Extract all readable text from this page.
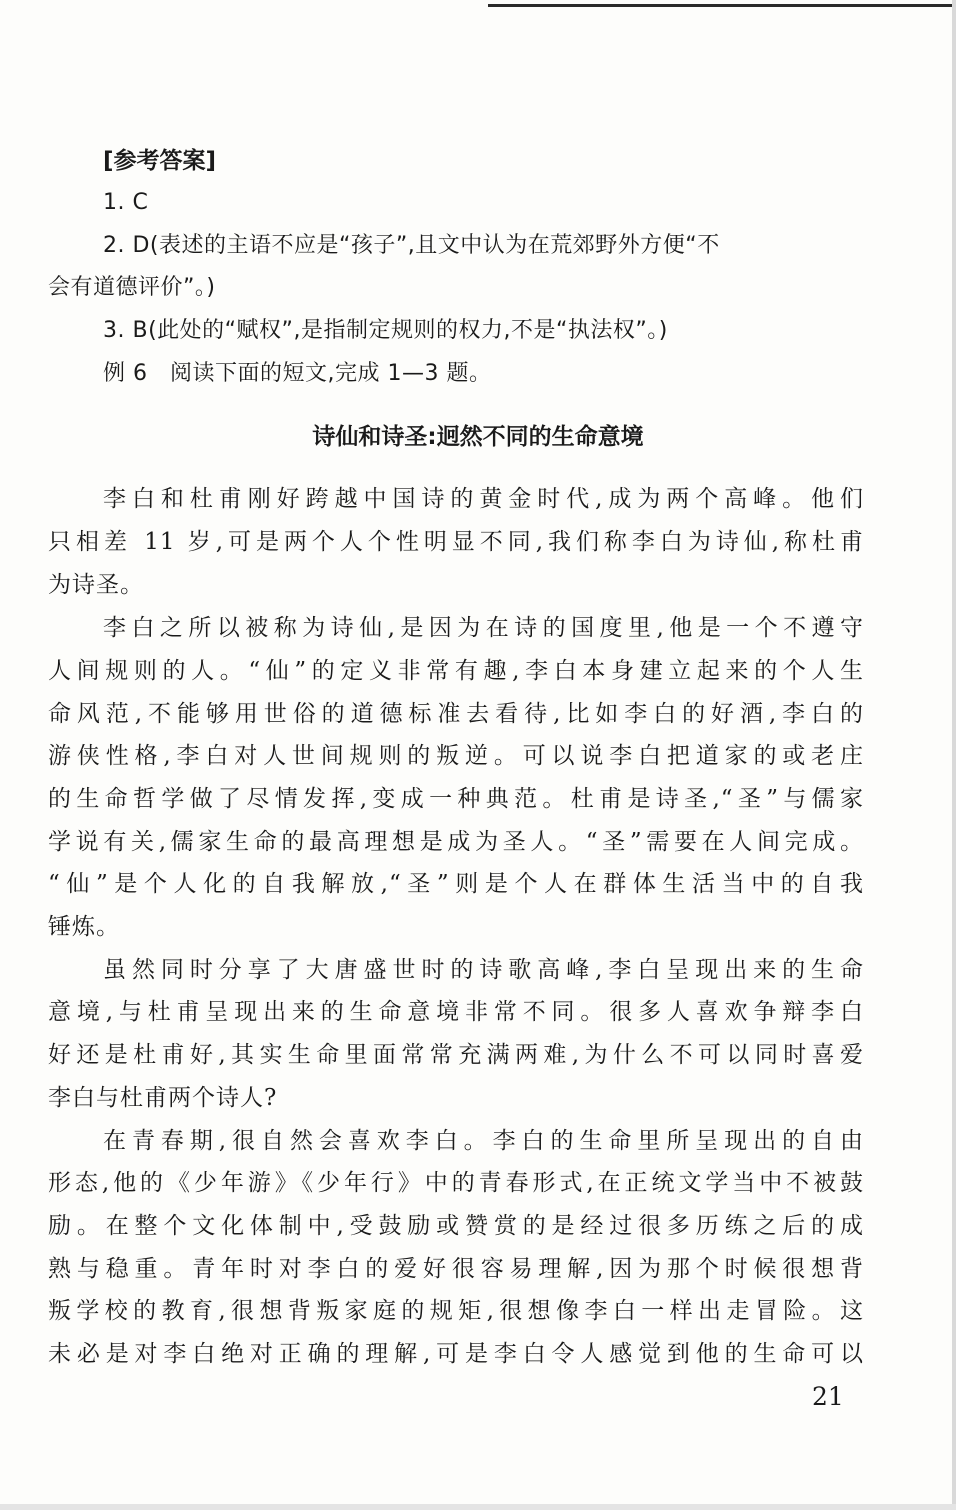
[参考答案]
1. C
2. D(表述的主语不应是“孩子”,且文中认为在荒郊野外方便“不
会有道德评价”。)
3. B(此处的“赋权”,是指制定规则的权力,不是“执法权”。)
例 6　阅读下面的短文,完成 1—3 题。
诗仙和诗圣:迥然不同的生命意境
李白和杜甫刚好跨越中国诗的黄金时代,成为两个高峰。他们
只相差 11 岁,可是两个人个性明显不同,我们称李白为诗仙,称杜甫
为诗圣。
李白之所以被称为诗仙,是因为在诗的国度里,他是一个不遵守
人间规则的人。“仙”的定义非常有趣,李白本身建立起来的个人生
命风范,不能够用世俗的道德标准去看待,比如李白的好酒,李白的
游侠性格,李白对人世间规则的叛逆。可以说李白把道家的或老庄
的生命哲学做了尽情发挥,变成一种典范。杜甫是诗圣,“圣”与儒家
学说有关,儒家生命的最高理想是成为圣人。“圣”需要在人间完成。
“仙”是个人化的自我解放,“圣”则是个人在群体生活当中的自我
锤炼。
虽然同时分享了大唐盛世时的诗歌高峰,李白呈现出来的生命
意境,与杜甫呈现出来的生命意境非常不同。很多人喜欢争辩李白
好还是杜甫好,其实生命里面常常充满两难,为什么不可以同时喜爱
李白与杜甫两个诗人?
在青春期,很自然会喜欢李白。李白的生命里所呈现出的自由
形态,他的《少年游》《少年行》中的青春形式,在正统文学当中不被鼓
励。在整个文化体制中,受鼓励或赞赏的是经过很多历练之后的成
熟与稳重。青年时对李白的爱好很容易理解,因为那个时候很想背
叛学校的教育,很想背叛家庭的规矩,很想像李白一样出走冒险。这
未必是对李白绝对正确的理解,可是李白令人感觉到他的生命可以
21
